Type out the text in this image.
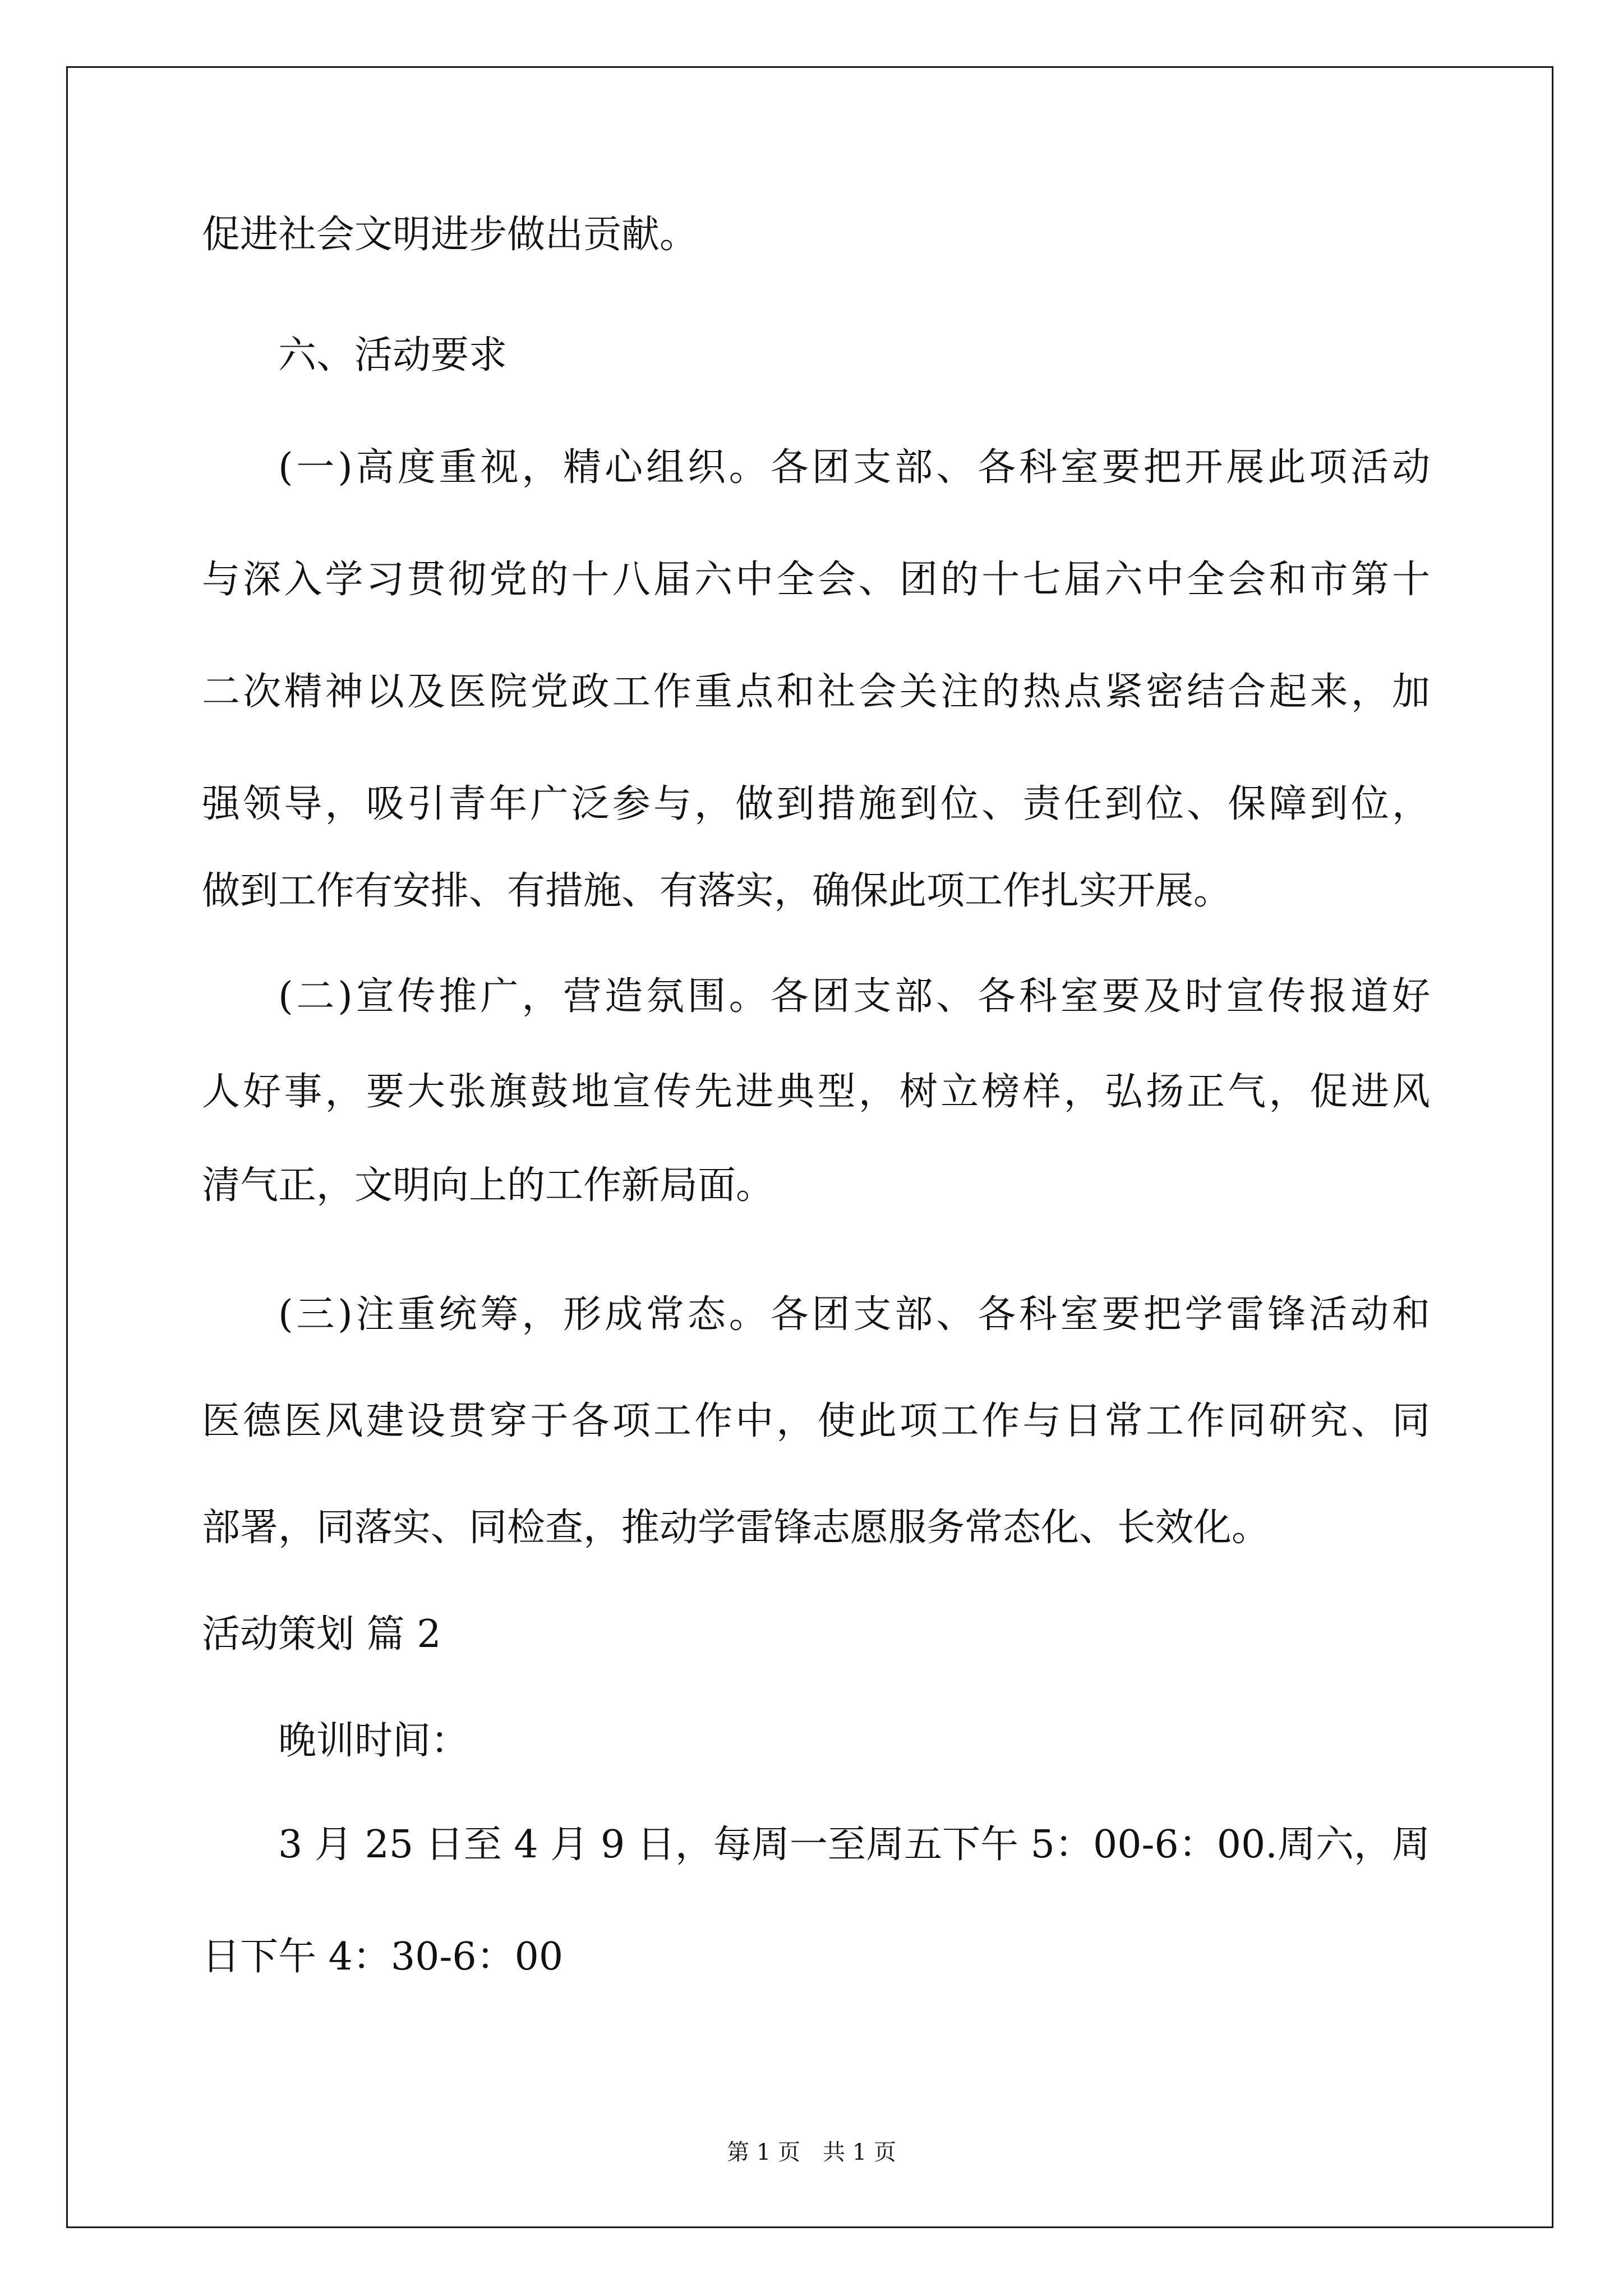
促进社会文明进步做出贡献。
六、活动要求
(一)高度重视，精心组织。各团支部、各科室要把开展此项活动
与深入学习贯彻党的十八届六中全会、团的十七届六中全会和市第十
二次精神以及医院党政工作重点和社会关注的热点紧密结合起来，加
强领导，吸引青年广泛参与，做到措施到位、责任到位、保障到位，
做到工作有安排、有措施、有落实，确保此项工作扎实开展。
(二)宣传推广，营造氛围。各团支部、各科室要及时宣传报道好
人好事，要大张旗鼓地宣传先进典型，树立榜样，弘扬正气，促进风
清气正，文明向上的工作新局面。
(三)注重统筹，形成常态。各团支部、各科室要把学雷锋活动和
医德医风建设贯穿于各项工作中，使此项工作与日常工作同研究、同
部署，同落实、同检查，推动学雷锋志愿服务常态化、长效化。
活动策划 篇 2
晚训时间：
3 月 25 日至 4 月 9 日，每周一至周五下午 5：00-6：00.周六，周
日下午 4：30-6：00
第 1 页　共 1 页
